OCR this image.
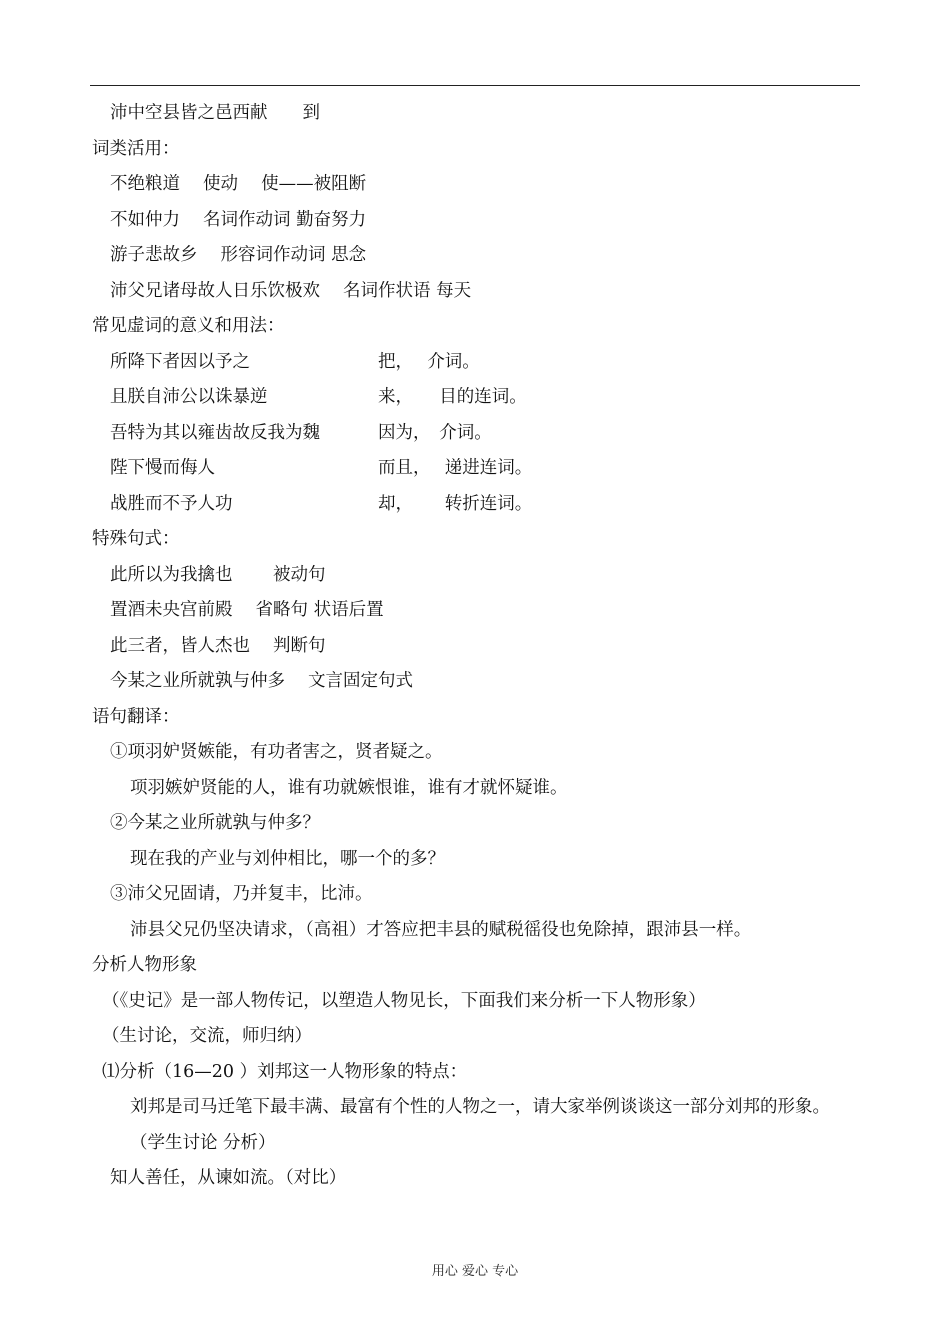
沛中空县皆之邑西献　　到
词类活用：
不绝粮道　 使动　 使——被阻断
不如仲力　 名词作动词 勤奋努力
游子悲故乡　 形容词作动词 思念
沛父兄诸母故人日乐饮极欢　 名词作状语 每天
常见虚词的意义和用法：
所降下者因以予之	把，　 介词。
且朕自沛公以诛暴逆	来，　　目的连词。
吾特为其以雍齿故反我为魏	因为，　介词。
陛下慢而侮人	而且，　 递进连词。
战胜而不予人功	却，　　 转折连词。
特殊句式：
此所以为我擒也　　 被动句
置酒未央宫前殿　 省略句 状语后置
此三者，皆人杰也　 判断句
今某之业所就孰与仲多　 文言固定句式
语句翻译：
①项羽妒贤嫉能，有功者害之，贤者疑之。
项羽嫉妒贤能的人，谁有功就嫉恨谁，谁有才就怀疑谁。
②今某之业所就孰与仲多？
现在我的产业与刘仲相比，哪一个的多？
③沛父兄固请，乃并复丰，比沛。
沛县父兄仍坚决请求，（高祖）才答应把丰县的赋税徭役也免除掉，跟沛县一样。
分析人物形象
（《史记》是一部人物传记，以塑造人物见长，下面我们来分析一下人物形象）
（生讨论，交流，师归纳）
⑴分析（16—20 ）刘邦这一人物形象的特点：
刘邦是司马迁笔下最丰满、最富有个性的人物之一，请大家举例谈谈这一部分刘邦的形象。
（学生讨论 分析）
知人善任，从谏如流。（对比）
用心 爱心 专心
